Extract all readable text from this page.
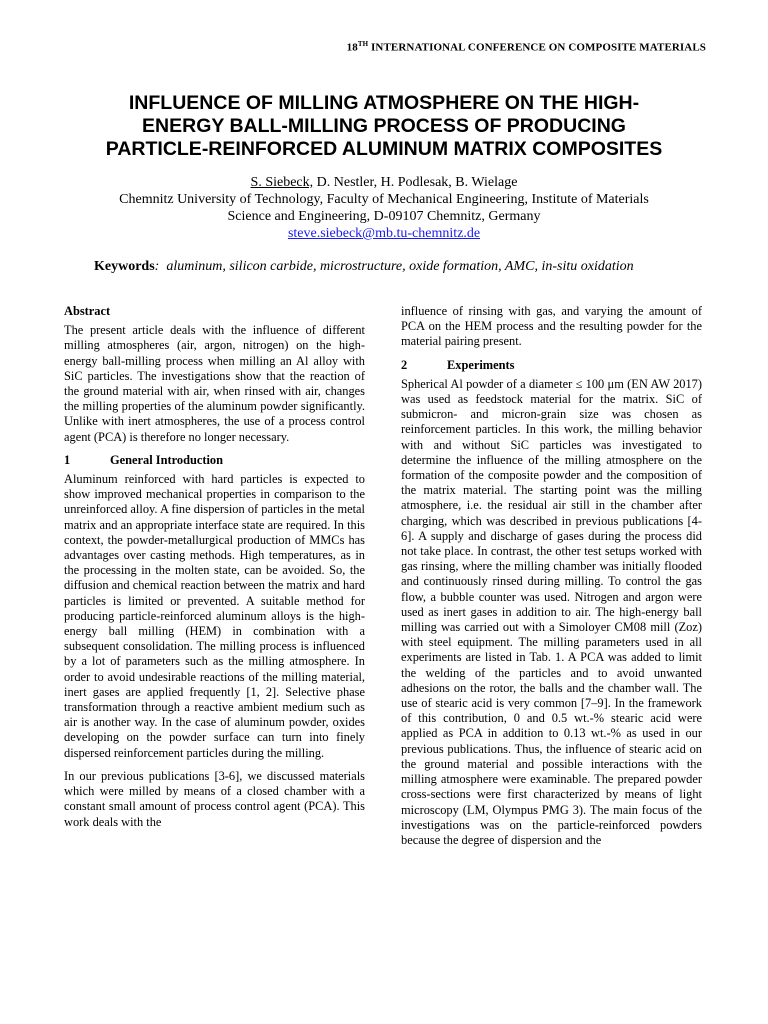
18TH INTERNATIONAL CONFERENCE ON COMPOSITE MATERIALS
INFLUENCE OF MILLING ATMOSPHERE ON THE HIGH-
ENERGY BALL-MILLING PROCESS OF PRODUCING
PARTICLE-REINFORCED ALUMINUM MATRIX COMPOSITES
S. Siebeck, D. Nestler, H. Podlesak, B. Wielage
Chemnitz University of Technology, Faculty of Mechanical Engineering, Institute of Materials
Science and Engineering, D-09107 Chemnitz, Germany
steve.siebeck@mb.tu-chemnitz.de
Keywords: aluminum, silicon carbide, microstructure, oxide formation, AMC, in-situ oxidation
Abstract

The present article deals with the influence of different milling atmospheres (air, argon, nitrogen) on the high-energy ball-milling process when milling an Al alloy with SiC particles. The investigations show that the reaction of the ground material with air, when rinsed with air, changes the milling properties of the aluminum powder significantly. Unlike with inert atmospheres, the use of a process control agent (PCA) is therefore no longer necessary.

1	General Introduction

Aluminum reinforced with hard particles is expected to show improved mechanical properties in comparison to the unreinforced alloy. A fine dispersion of particles in the metal matrix and an appropriate interface state are required. In this context, the powder-metallurgical production of MMCs has advantages over casting methods. High temperatures, as in the processing in the molten state, can be avoided. So, the diffusion and chemical reaction between the matrix and hard particles is limited or prevented. A suitable method for producing particle-reinforced aluminum alloys is the high-energy ball milling (HEM) in combination with a subsequent consolidation. The milling process is influenced by a lot of parameters such as the milling atmosphere. In order to avoid undesirable reactions of the milling material, inert gases are applied frequently [1, 2]. Selective phase transformation through a reactive ambient medium such as air is another way. In the case of aluminum powder, oxides developing on the powder surface can turn into finely dispersed reinforcement particles during the milling.

In our previous publications [3-6], we discussed materials which were milled by means of a closed chamber with a constant small amount of process control agent (PCA). This work deals with the

influence of rinsing with gas, and varying the amount of PCA on the HEM process and the resulting powder for the material pairing present.

2	Experiments

Spherical Al powder of a diameter ≤ 100 μm (EN AW 2017) was used as feedstock material for the matrix. SiC of submicron- and micron-grain size was chosen as reinforcement particles. In this work, the milling behavior with and without SiC particles was investigated to determine the influence of the milling atmosphere on the formation of the composite powder and the composition of the matrix material. The starting point was the milling atmosphere, i.e. the residual air still in the chamber after charging, which was described in previous publications [4-6]. A supply and discharge of gases during the process did not take place. In contrast, the other test setups worked with gas rinsing, where the milling chamber was initially flooded and continuously rinsed during milling. To control the gas flow, a bubble counter was used. Nitrogen and argon were used as inert gases in addition to air. The high-energy ball milling was carried out with a Simoloyer CM08 mill (Zoz) with steel equipment. The milling parameters used in all experiments are listed in Tab. 1. A PCA was added to limit the welding of the particles and to avoid unwanted adhesions on the rotor, the balls and the chamber wall. The use of stearic acid is very common [7–9]. In the framework of this contribution, 0 and 0.5 wt.-% stearic acid were applied as PCA in addition to 0.13 wt.-% as used in our previous publications. Thus, the influence of stearic acid on the ground material and possible interactions with the milling atmosphere were examinable. The prepared powder cross-sections were first characterized by means of light microscopy (LM, Olympus PMG 3). The main focus of the investigations was on the particle-reinforced powders because the degree of dispersion and the
